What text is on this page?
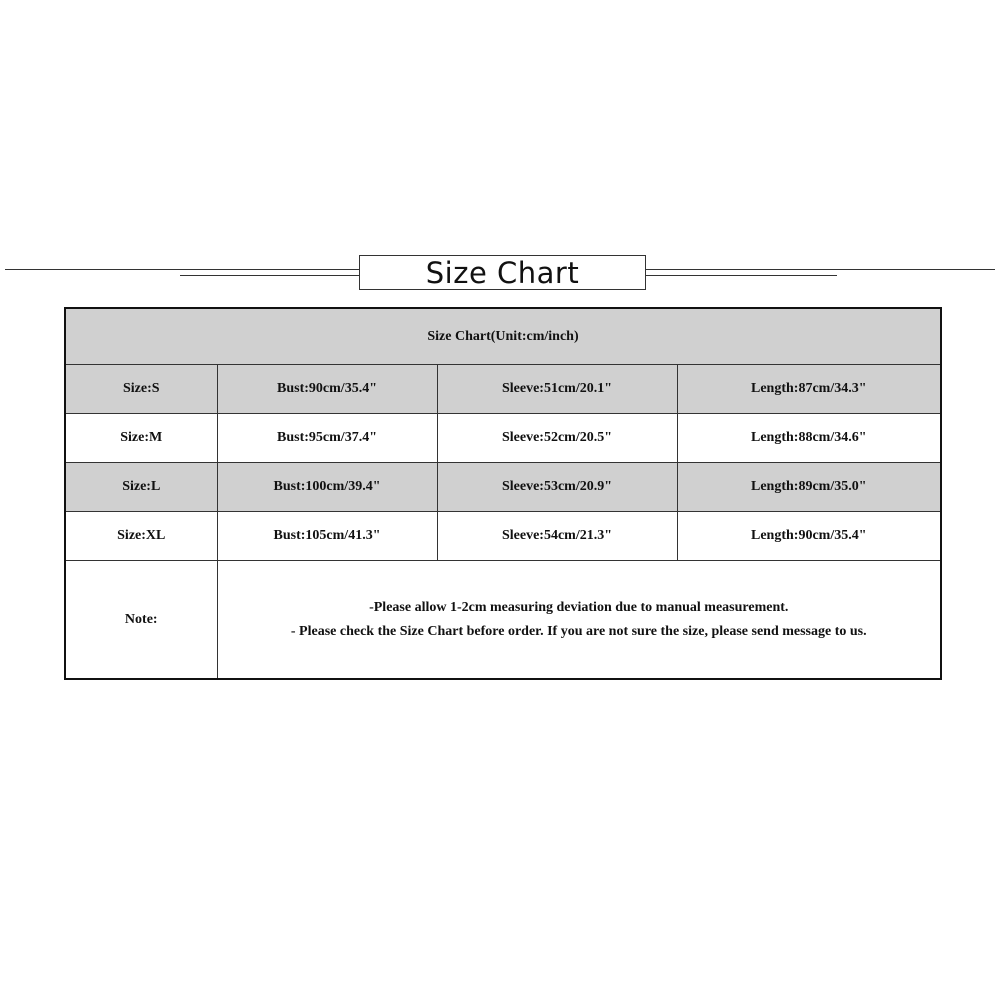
Size Chart
Size Chart(Unit:cm/inch)			
Size:S	Bust:90cm/35.4"	Sleeve:51cm/20.1"	Length:87cm/34.3"
Size:M	Bust:95cm/37.4"	Sleeve:52cm/20.5"	Length:88cm/34.6"
Size:L	Bust:100cm/39.4"	Sleeve:53cm/20.9"	Length:89cm/35.0"
Size:XL	Bust:105cm/41.3"	Sleeve:54cm/21.3"	Length:90cm/35.4"
Note:	-Please allow 1-2cm measuring deviation due to manual measurement.
- Please check the Size Chart before order. If you are not sure the size, please send message to us.		
